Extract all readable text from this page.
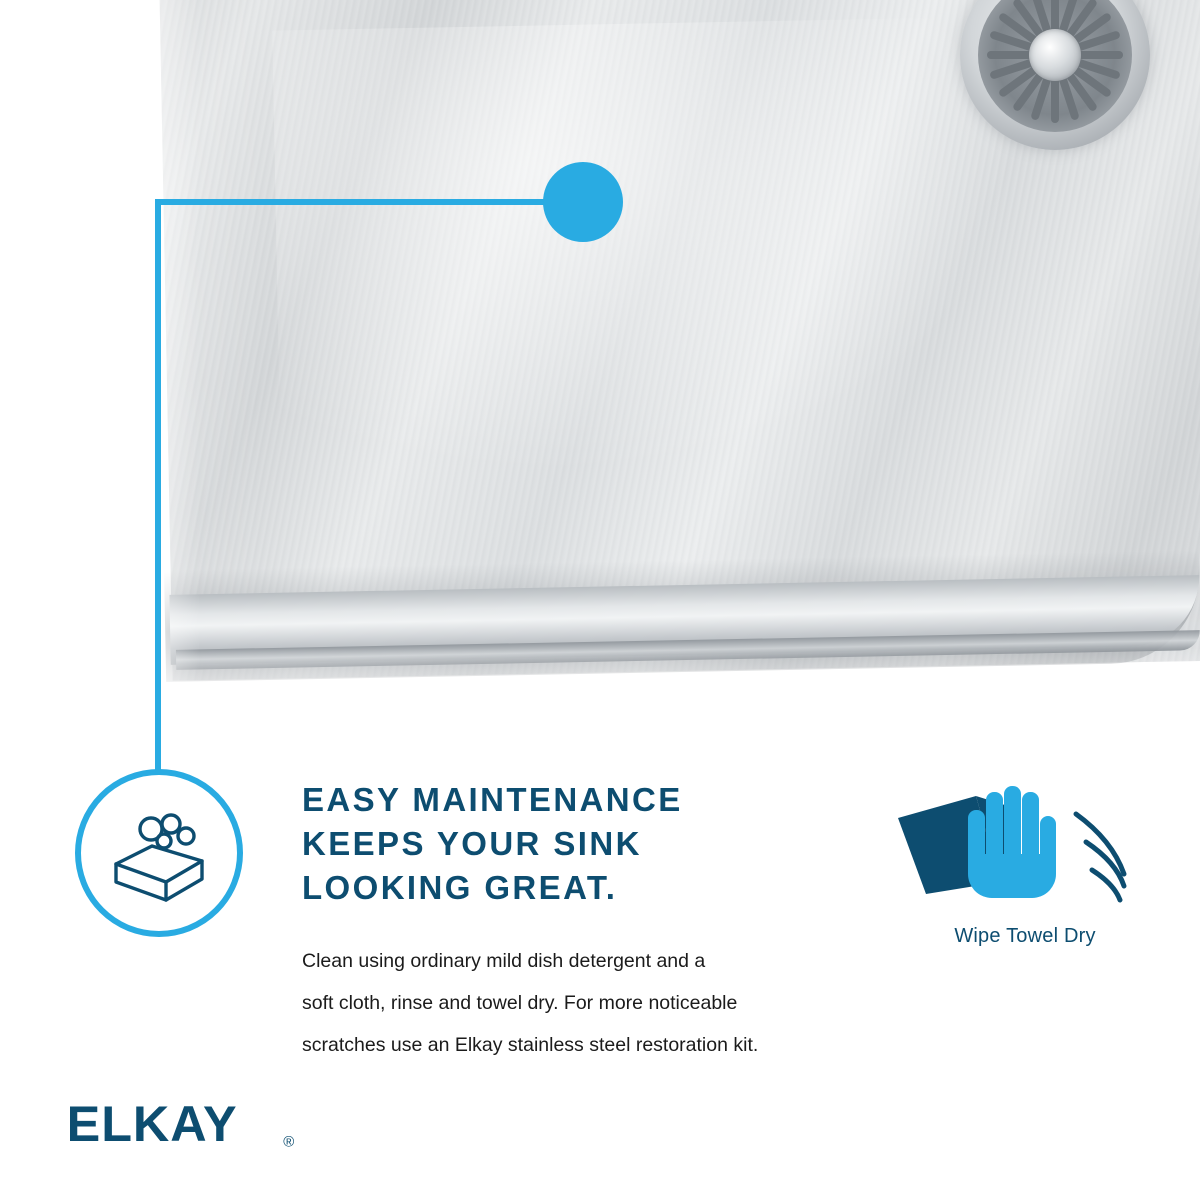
EASY MAINTENANCE
KEEPS YOUR SINK
LOOKING GREAT.
Clean using ordinary mild dish detergent and a
soft cloth, rinse and towel dry. For more noticeable
scratches use an Elkay stainless steel restoration kit.
Wipe Towel Dry
ELKAY	®
